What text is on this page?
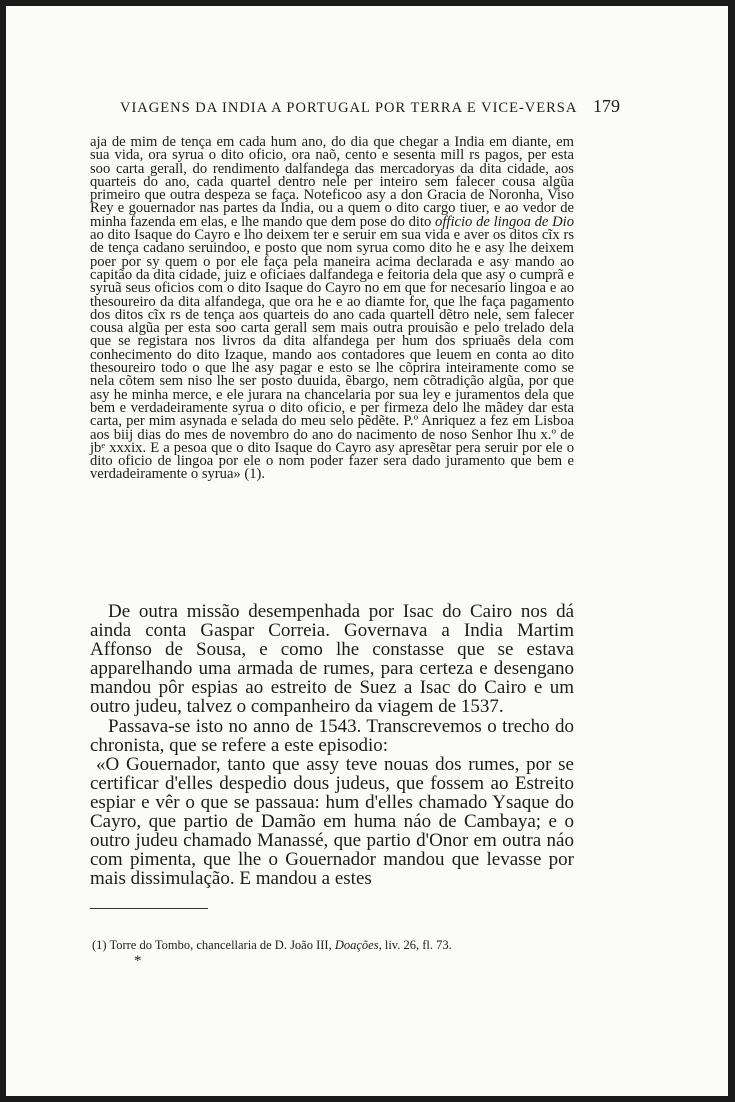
VIAGENS DA INDIA A PORTUGAL POR TERRA E VICE-VERSA 179

aja de mim de tença em cada hum ano, do dia que chegar a India em diante, em sua vida, ora syrua o dito oficio, ora naõ, cento e sesenta mill rs pagos, per esta soo carta gerall, do rendimento dalfandega das mercadoryas da dita cidade, aos quarteis do ano, cada quartel dentro nele per inteiro sem falecer cousa algũa primeiro que outra despeza se faça. Noteficoo asy a don Gracia de Noronha, Viso Rey e gouernador nas partes da India, ou a quem o dito cargo tiuer, e ao vedor de minha fazenda em elas, e lhe mando que dem pose do dito officio de lingoa de Dio ao dito Isaque do Cayro e lho deixem ter e seruir em sua vida e aver os ditos cĩx rs de tença cadano seruindoo, e posto que nom syrua como dito he e asy lhe deixem poer por sy quem o por ele faça pela maneira acima declarada e asy mando ao capitão da dita cidade, juiz e oficiaes dalfandega e feitoria dela que asy o cumprã e syruã seus oficios com o dito Isaque do Cayro no em que for necesario lingoa e ao thesoureiro da dita alfandega, que ora he e ao diamte for, que lhe faça pagamento dos ditos cĩx rs de tença aos quarteis do ano cada quartell dẽtro nele, sem falecer cousa algũa per esta soo carta gerall sem mais outra prouisão e pelo trelado dela que se registara nos livros da dita alfandega per hum dos spriuaẽs dela com conhecimento do dito Izaque, mando aos contadores que leuem en conta ao dito thesoureiro todo o que lhe asy pagar e esto se lhe cõprira inteiramente como se nela cõtem sem niso lhe ser posto duuida, ẽbargo, nem cõtradição algũa, por que asy he minha merce, e ele jurara na chancelaria por sua ley e juramentos dela que bem e verdadeiramente syrua o dito oficio, e per firmeza delo lhe mãdey dar esta carta, per mim asynada e selada do meu selo pẽdẽte. P.º Anriquez a fez em Lisboa aos biij dias do mes de novembro do ano do nacimento de noso Senhor Ihu x.º de jbᵉ xxxix. E a pesoa que o dito Isaque do Cayro asy apresẽtar pera seruir por ele o dito oficio de lingoa por ele o nom poder fazer sera dado juramento que bem e verdadeiramente o syrua» (1).

De outra missão desempenhada por Isac do Cairo nos dá ainda conta Gaspar Correia. Governava a India Martim Affonso de Sousa, e como lhe constasse que se estava apparelhando uma armada de rumes, para certeza e desengano mandou pôr espias ao estreito de Suez a Isac do Cairo e um outro judeu, talvez o companheiro da viagem de 1537.

Passava-se isto no anno de 1543. Transcrevemos o trecho do chronista, que se refere a este episodio:

«O Gouernador, tanto que assy teve nouas dos rumes, por se certificar d'elles despedio dous judeus, que fossem ao Estreito espiar e vêr o que se passaua: hum d'elles chamado Ysaque do Cayro, que partio de Damão em huma náo de Cambaya; e o outro judeu chamado Manassé, que partio d'Onor em outra náo com pimenta, que lhe o Gouernador mandou que levasse por mais dissimulação. E mandou a estes

(1) Torre do Tombo, chancellaria de D. João III, Doações, liv. 26, fl. 73.
*
